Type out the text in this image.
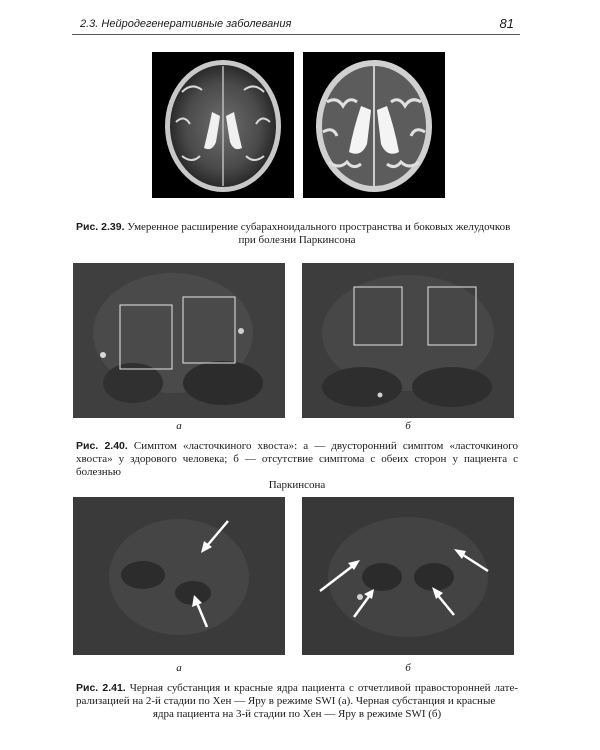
2.3. Нейродегенеративные заболевания	81
Рис. 2.39. Умеренное расширение субарахноидального пространства и боковых желудочков
при болезни Паркинсона
а	б
Рис. 2.40. Симптом «ласточкиного хвоста»: а — двусторонний симптом «ласточкиного хвоста» у здорового человека; б — отсутствие симптома с обеих сторон у пациента с болезнью
Паркинсона
а	б
Рис. 2.41. Черная субстанция и красные ядра пациента с отчетливой правосторонней лате- рализацией на 2-й стадии по Хен — Яру в режиме SWI (а). Черная субстанция и красные
ядра пациента на 3-й стадии по Хен — Яру в режиме SWI (б)
